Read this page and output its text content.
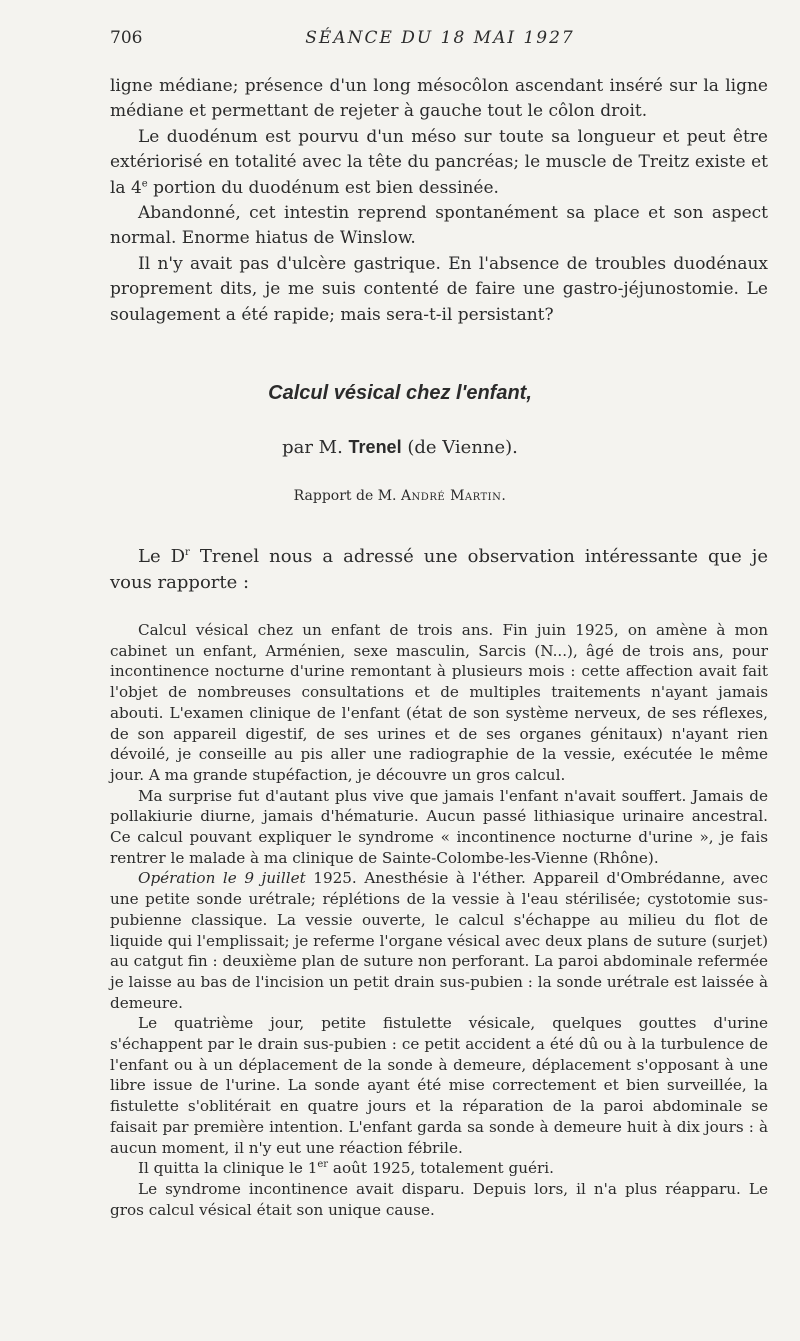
706	SÉANCE DU 18 MAI 1927

ligne médiane; présence d'un long mésocôlon ascendant inséré sur la ligne médiane et permettant de rejeter à gauche tout le côlon droit.

Le duodénum est pourvu d'un méso sur toute sa longueur et peut être extériorisé en totalité avec la tête du pancréas; le muscle de Treitz existe et la 4e portion du duodénum est bien dessinée.

Abandonné, cet intestin reprend spontanément sa place et son aspect normal. Enorme hiatus de Winslow.

Il n'y avait pas d'ulcère gastrique. En l'absence de troubles duodénaux proprement dits, je me suis contenté de faire une gastro-jéjunostomie. Le soulagement a été rapide; mais sera-t-il persistant?

Calcul vésical chez l'enfant,
par M. Trenel (de Vienne).
Rapport de M. André Martin.

Le $D^r$ Trenel nous a adressé une observation intéressante que je vous rapporte :

Calcul vésical chez un enfant de trois ans. Fin juin 1925, on amène à mon cabinet un enfant, Arménien, sexe masculin, Sarcis (N...), âgé de trois ans, pour incontinence nocturne d'urine remontant à plusieurs mois : cette affection avait fait l'objet de nombreuses consultations et de multiples traitements n'ayant jamais abouti. L'examen clinique de l'enfant (état de son système nerveux, de ses réflexes, de son appareil digestif, de ses urines et de ses organes génitaux) n'ayant rien dévoilé, je conseille au pis aller une radiographie de la vessie, exécutée le même jour. A ma grande stupéfaction, je découvre un gros calcul.

Ma surprise fut d'autant plus vive que jamais l'enfant n'avait souffert. Jamais de pollakiurie diurne, jamais d'hématurie. Aucun passé lithiasique urinaire ancestral. Ce calcul pouvant expliquer le syndrome « incontinence nocturne d'urine », je fais rentrer le malade à ma clinique de Sainte-Colombe-les-Vienne (Rhône).

Opération le 9 juillet 1925. Anesthésie à l'éther. Appareil d'Ombrédanne, avec une petite sonde urétrale; réplétions de la vessie à l'eau stérilisée; cystotomie sus-pubienne classique. La vessie ouverte, le calcul s'échappe au milieu du flot de liquide qui l'emplissait; je referme l'organe vésical avec deux plans de suture (surjet) au catgut fin : deuxième plan de suture non perforant. La paroi abdominale refermée je laisse au bas de l'incision un petit drain sus-pubien : la sonde urétrale est laissée à demeure.

Le quatrième jour, petite fistulette vésicale, quelques gouttes d'urine s'échappent par le drain sus-pubien : ce petit accident a été dû ou à la turbulence de l'enfant ou à un déplacement de la sonde à demeure, déplacement s'opposant à une libre issue de l'urine. La sonde ayant été mise correctement et bien surveillée, la fistulette s'oblitérait en quatre jours et la réparation de la paroi abdominale se faisait par première intention. L'enfant garda sa sonde à demeure huit à dix jours : à aucun moment, il n'y eut une réaction fébrile.

Il quitta la clinique le 1er août 1925, totalement guéri.

Le syndrome incontinence avait disparu. Depuis lors, il n'a plus réapparu. Le gros calcul vésical était son unique cause.
